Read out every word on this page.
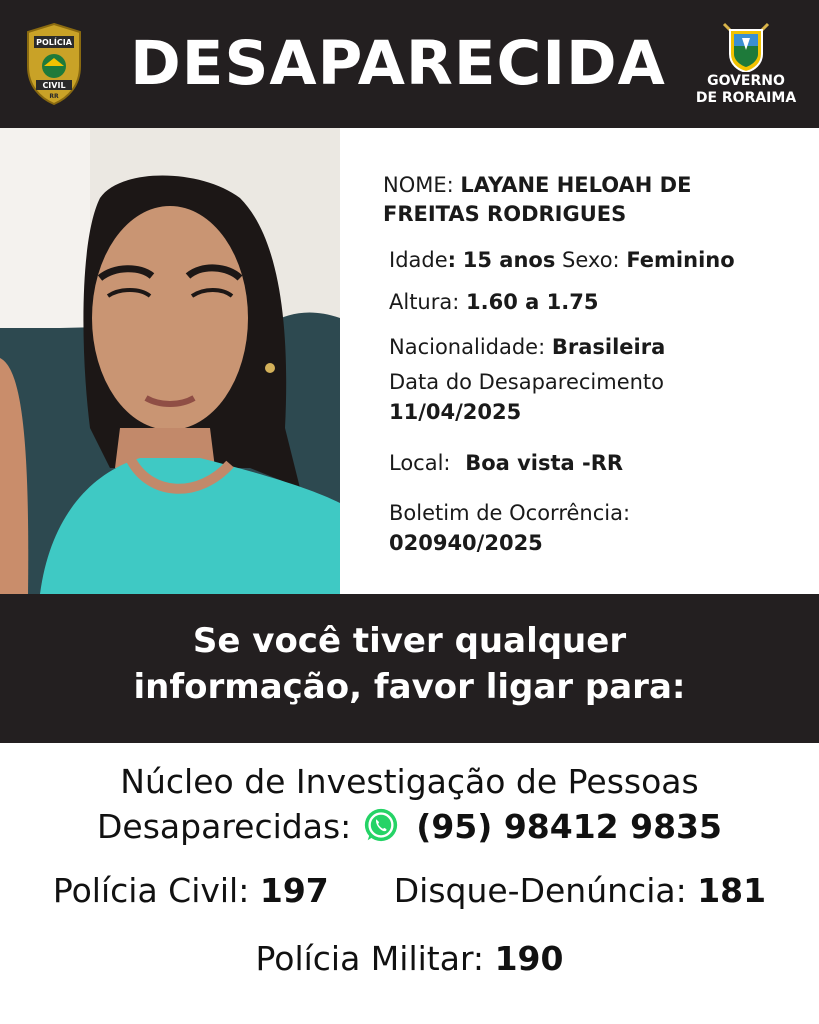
POLÍCIA
CIVIL
RR DESAPARECIDA	GOVERNO
DE RORAIMA
NOME: LAYANE HELOAH DE
FREITAS RODRIGUES
Idade: 15 anos Sexo: Feminino
Altura: 1.60 a 1.75
Nacionalidade: Brasileira
Data do Desaparecimento
11/04/2025
Local: Boa vista -RR
Boletim de Ocorrência:
020940/2025
Se você tiver qualquer
informação, favor ligar para:
Núcleo de Investigação de Pessoas
Desaparecidas: (95) 98412 9835
Polícia Civil: 197 Disque-Denúncia: 181
Polícia Militar: 190
